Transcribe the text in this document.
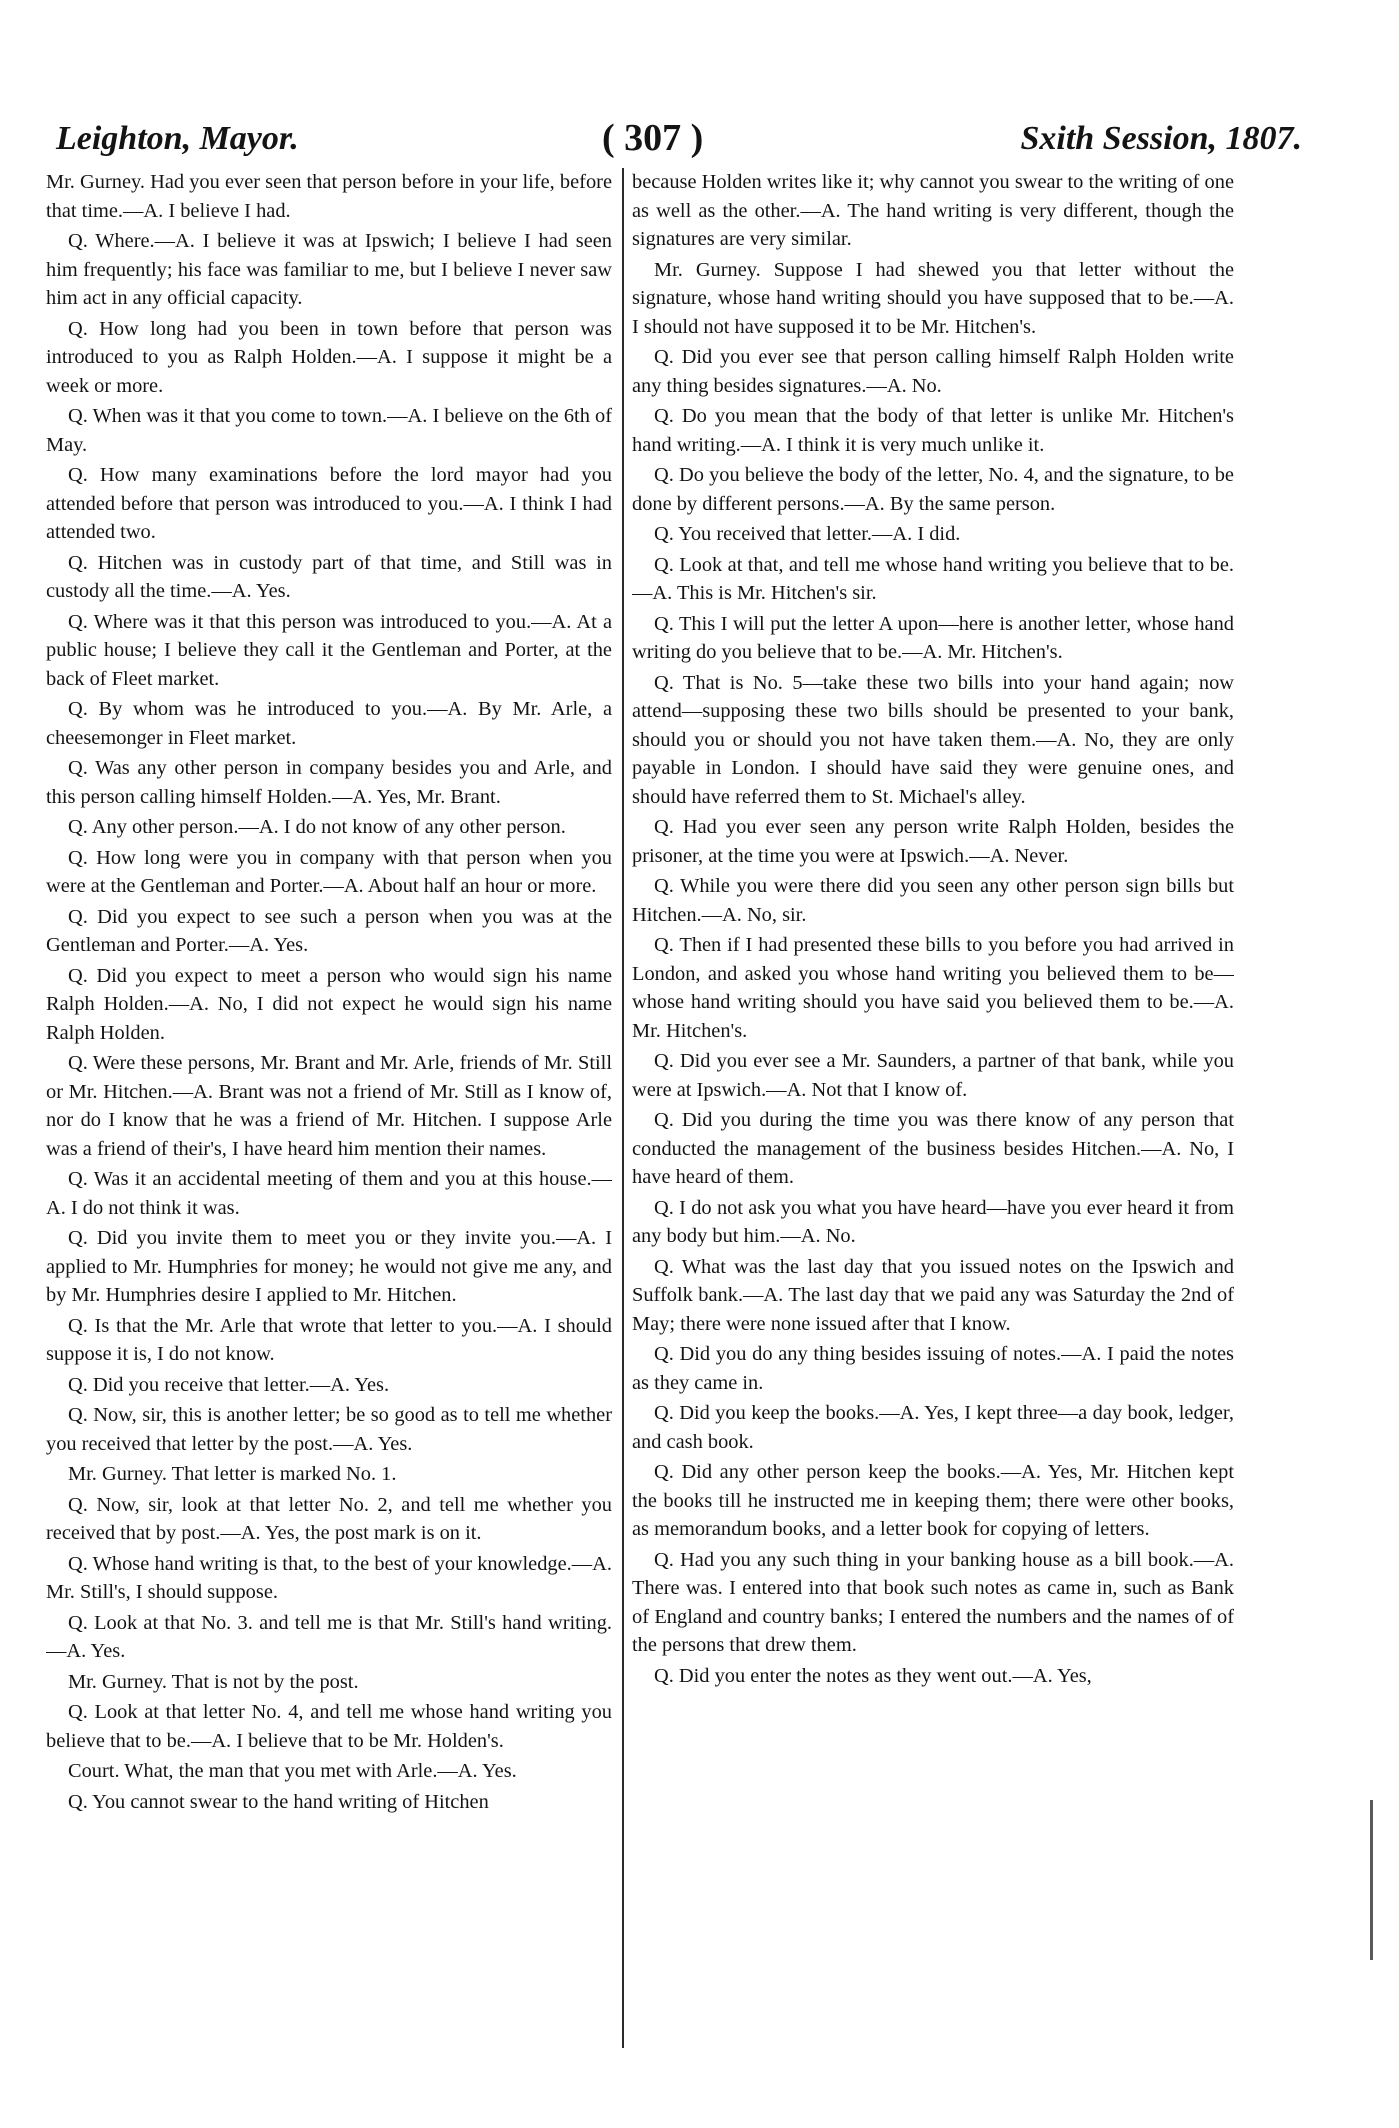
Leighton, Mayor.	( 307 )	Sxith Session, 1807.

Mr. Gurney. Had you ever seen that person before in your life, before that time.—A. I believe I had.

Q. Where.—A. I believe it was at Ipswich; I believe I had seen him frequently; his face was familiar to me, but I believe I never saw him act in any official capacity.

Q. How long had you been in town before that person was introduced to you as Ralph Holden.—A. I suppose it might be a week or more.

Q. When was it that you come to town.—A. I believe on the 6th of May.

Q. How many examinations before the lord mayor had you attended before that person was introduced to you.—A. I think I had attended two.

Q. Hitchen was in custody part of that time, and Still was in custody all the time.—A. Yes.

Q. Where was it that this person was introduced to you.—A. At a public house; I believe they call it the Gentleman and Porter, at the back of Fleet market.

Q. By whom was he introduced to you.—A. By Mr. Arle, a cheesemonger in Fleet market.

Q. Was any other person in company besides you and Arle, and this person calling himself Holden.—A. Yes, Mr. Brant.

Q. Any other person.—A. I do not know of any other person.

Q. How long were you in company with that person when you were at the Gentleman and Porter.—A. About half an hour or more.

Q. Did you expect to see such a person when you was at the Gentleman and Porter.—A. Yes.

Q. Did you expect to meet a person who would sign his name Ralph Holden.—A. No, I did not expect he would sign his name Ralph Holden.

Q. Were these persons, Mr. Brant and Mr. Arle, friends of Mr. Still or Mr. Hitchen.—A. Brant was not a friend of Mr. Still as I know of, nor do I know that he was a friend of Mr. Hitchen. I suppose Arle was a friend of their's, I have heard him mention their names.

Q. Was it an accidental meeting of them and you at this house.—A. I do not think it was.

Q. Did you invite them to meet you or they invite you.—A. I applied to Mr. Humphries for money; he would not give me any, and by Mr. Humphries desire I applied to Mr. Hitchen.

Q. Is that the Mr. Arle that wrote that letter to you.—A. I should suppose it is, I do not know.

Q. Did you receive that letter.—A. Yes.

Q. Now, sir, this is another letter; be so good as to tell me whether you received that letter by the post.—A. Yes.

Mr. Gurney. That letter is marked No. 1.

Q. Now, sir, look at that letter No. 2, and tell me whether you received that by post.—A. Yes, the post mark is on it.

Q. Whose hand writing is that, to the best of your knowledge.—A. Mr. Still's, I should suppose.

Q. Look at that No. 3. and tell me is that Mr. Still's hand writing.—A. Yes.

Mr. Gurney. That is not by the post.

Q. Look at that letter No. 4, and tell me whose hand writing you believe that to be.—A. I believe that to be Mr. Holden's.

Court. What, the man that you met with Arle.—A. Yes.

Q. You cannot swear to the hand writing of Hitchen

because Holden writes like it; why cannot you swear to the writing of one as well as the other.—A. The hand writing is very different, though the signatures are very similar.

Mr. Gurney. Suppose I had shewed you that letter without the signature, whose hand writing should you have supposed that to be.—A. I should not have supposed it to be Mr. Hitchen's.

Q. Did you ever see that person calling himself Ralph Holden write any thing besides signatures.—A. No.

Q. Do you mean that the body of that letter is unlike Mr. Hitchen's hand writing.—A. I think it is very much unlike it.

Q. Do you believe the body of the letter, No. 4, and the signature, to be done by different persons.—A. By the same person.

Q. You received that letter.—A. I did.

Q. Look at that, and tell me whose hand writing you believe that to be.—A. This is Mr. Hitchen's sir.

Q. This I will put the letter A upon—here is another letter, whose hand writing do you believe that to be.—A. Mr. Hitchen's.

Q. That is No. 5—take these two bills into your hand again; now attend—supposing these two bills should be presented to your bank, should you or should you not have taken them.—A. No, they are only payable in London. I should have said they were genuine ones, and should have referred them to St. Michael's alley.

Q. Had you ever seen any person write Ralph Holden, besides the prisoner, at the time you were at Ipswich.—A. Never.

Q. While you were there did you seen any other person sign bills but Hitchen.—A. No, sir.

Q. Then if I had presented these bills to you before you had arrived in London, and asked you whose hand writing you believed them to be—whose hand writing should you have said you believed them to be.—A. Mr. Hitchen's.

Q. Did you ever see a Mr. Saunders, a partner of that bank, while you were at Ipswich.—A. Not that I know of.

Q. Did you during the time you was there know of any person that conducted the management of the business besides Hitchen.—A. No, I have heard of them.

Q. I do not ask you what you have heard—have you ever heard it from any body but him.—A. No.

Q. What was the last day that you issued notes on the Ipswich and Suffolk bank.—A. The last day that we paid any was Saturday the 2nd of May; there were none issued after that I know.

Q. Did you do any thing besides issuing of notes.—A. I paid the notes as they came in.

Q. Did you keep the books.—A. Yes, I kept three—a day book, ledger, and cash book.

Q. Did any other person keep the books.—A. Yes, Mr. Hitchen kept the books till he instructed me in keeping them; there were other books, as memorandum books, and a letter book for copying of letters.

Q. Had you any such thing in your banking house as a bill book.—A. There was. I entered into that book such notes as came in, such as Bank of England and country banks; I entered the numbers and the names of of the persons that drew them.

Q. Did you enter the notes as they went out.—A. Yes,
